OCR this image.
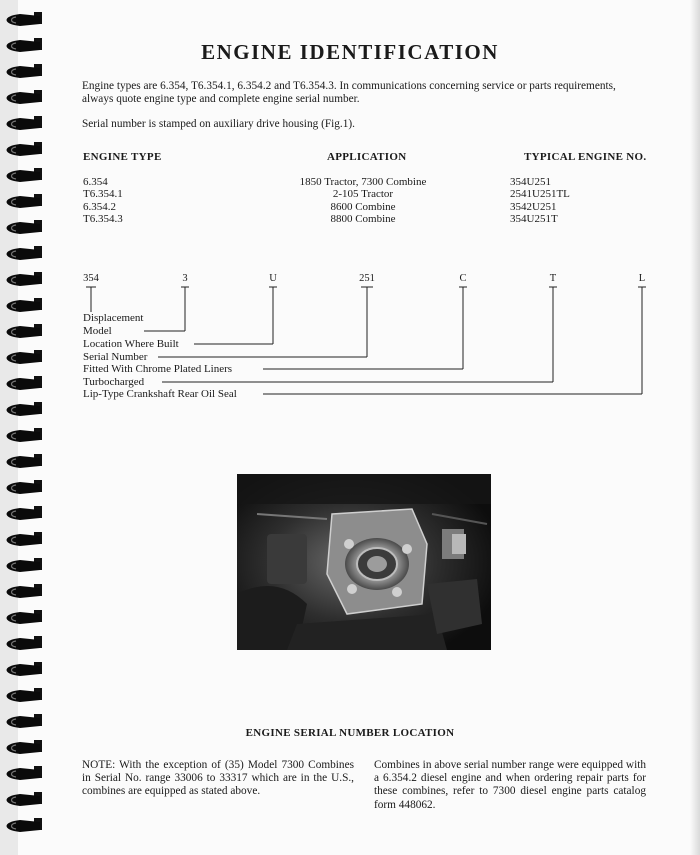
ENGINE IDENTIFICATION
Engine types are 6.354, T6.354.1, 6.354.2 and T6.354.3. In communications concerning service or parts requirements, always quote engine type and complete engine serial number.
Serial number is stamped on auxiliary drive housing (Fig.1).
ENGINE TYPE	APPLICATION	TYPICAL ENGINE NO.
6.354	1850 Tractor, 7300 Combine	354U251
T6.354.1	2-105 Tractor	2541U251TL
6.354.2	8600 Combine	3542U251
T6.354.3	8800 Combine	354U251T
354	3	U	251	C	T	L
Displacement
Model
Location Where Built
Serial Number
Fitted With Chrome Plated Liners
Turbocharged
Lip-Type Crankshaft Rear Oil Seal
ENGINE SERIAL NUMBER LOCATION
NOTE: With the exception of (35) Model 7300 Combines in Serial No. range 33006 to 33317 which are in the U.S., combines are equipped as stated above.
Combines in above serial number range were equipped with a 6.354.2 diesel engine and when ordering repair parts for these combines, refer to 7300 diesel engine parts catalog form 448062.
